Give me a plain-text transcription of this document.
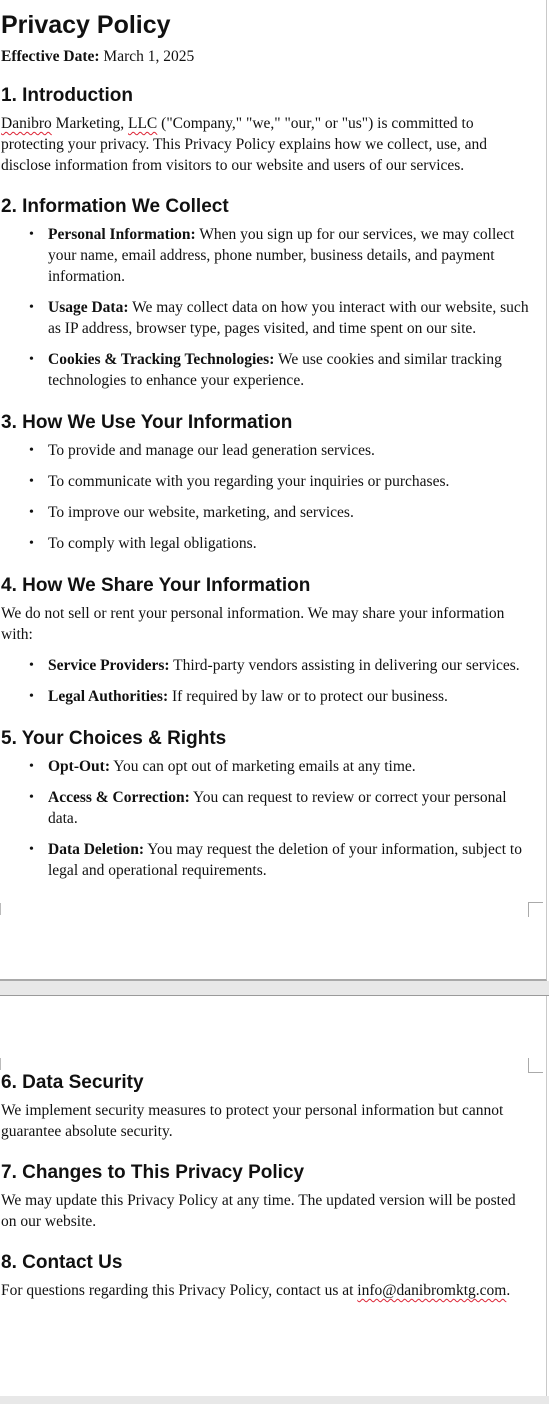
Privacy Policy
Effective Date: March 1, 2025
1. Introduction

Danibro Marketing, LLC ("Company," "we," "our," or "us") is committed to protecting your privacy. This Privacy Policy explains how we collect, use, and disclose information from visitors to our website and users of our services.

2. Information We Collect
• Personal Information: When you sign up for our services, we may collect your name, email address, phone number, business details, and payment information.
• Usage Data: We may collect data on how you interact with our website, such as IP address, browser type, pages visited, and time spent on our site.
• Cookies & Tracking Technologies: We use cookies and similar tracking technologies to enhance your experience.
3. How We Use Your Information
• To provide and manage our lead generation services.
• To communicate with you regarding your inquiries or purchases.
• To improve our website, marketing, and services.
• To comply with legal obligations.
4. How We Share Your Information

We do not sell or rent your personal information. We may share your information with:

• Service Providers: Third-party vendors assisting in delivering our services.
• Legal Authorities: If required by law or to protect our business.
5. Your Choices & Rights
• Opt-Out: You can opt out of marketing emails at any time.
• Access & Correction: You can request to review or correct your personal data.
• Data Deletion: You may request the deletion of your information, subject to legal and operational requirements.
6. Data Security

We implement security measures to protect your personal information but cannot guarantee absolute security.

7. Changes to This Privacy Policy

We may update this Privacy Policy at any time. The updated version will be posted on our website.

8. Contact Us

For questions regarding this Privacy Policy, contact us at info@danibromktg.com.
